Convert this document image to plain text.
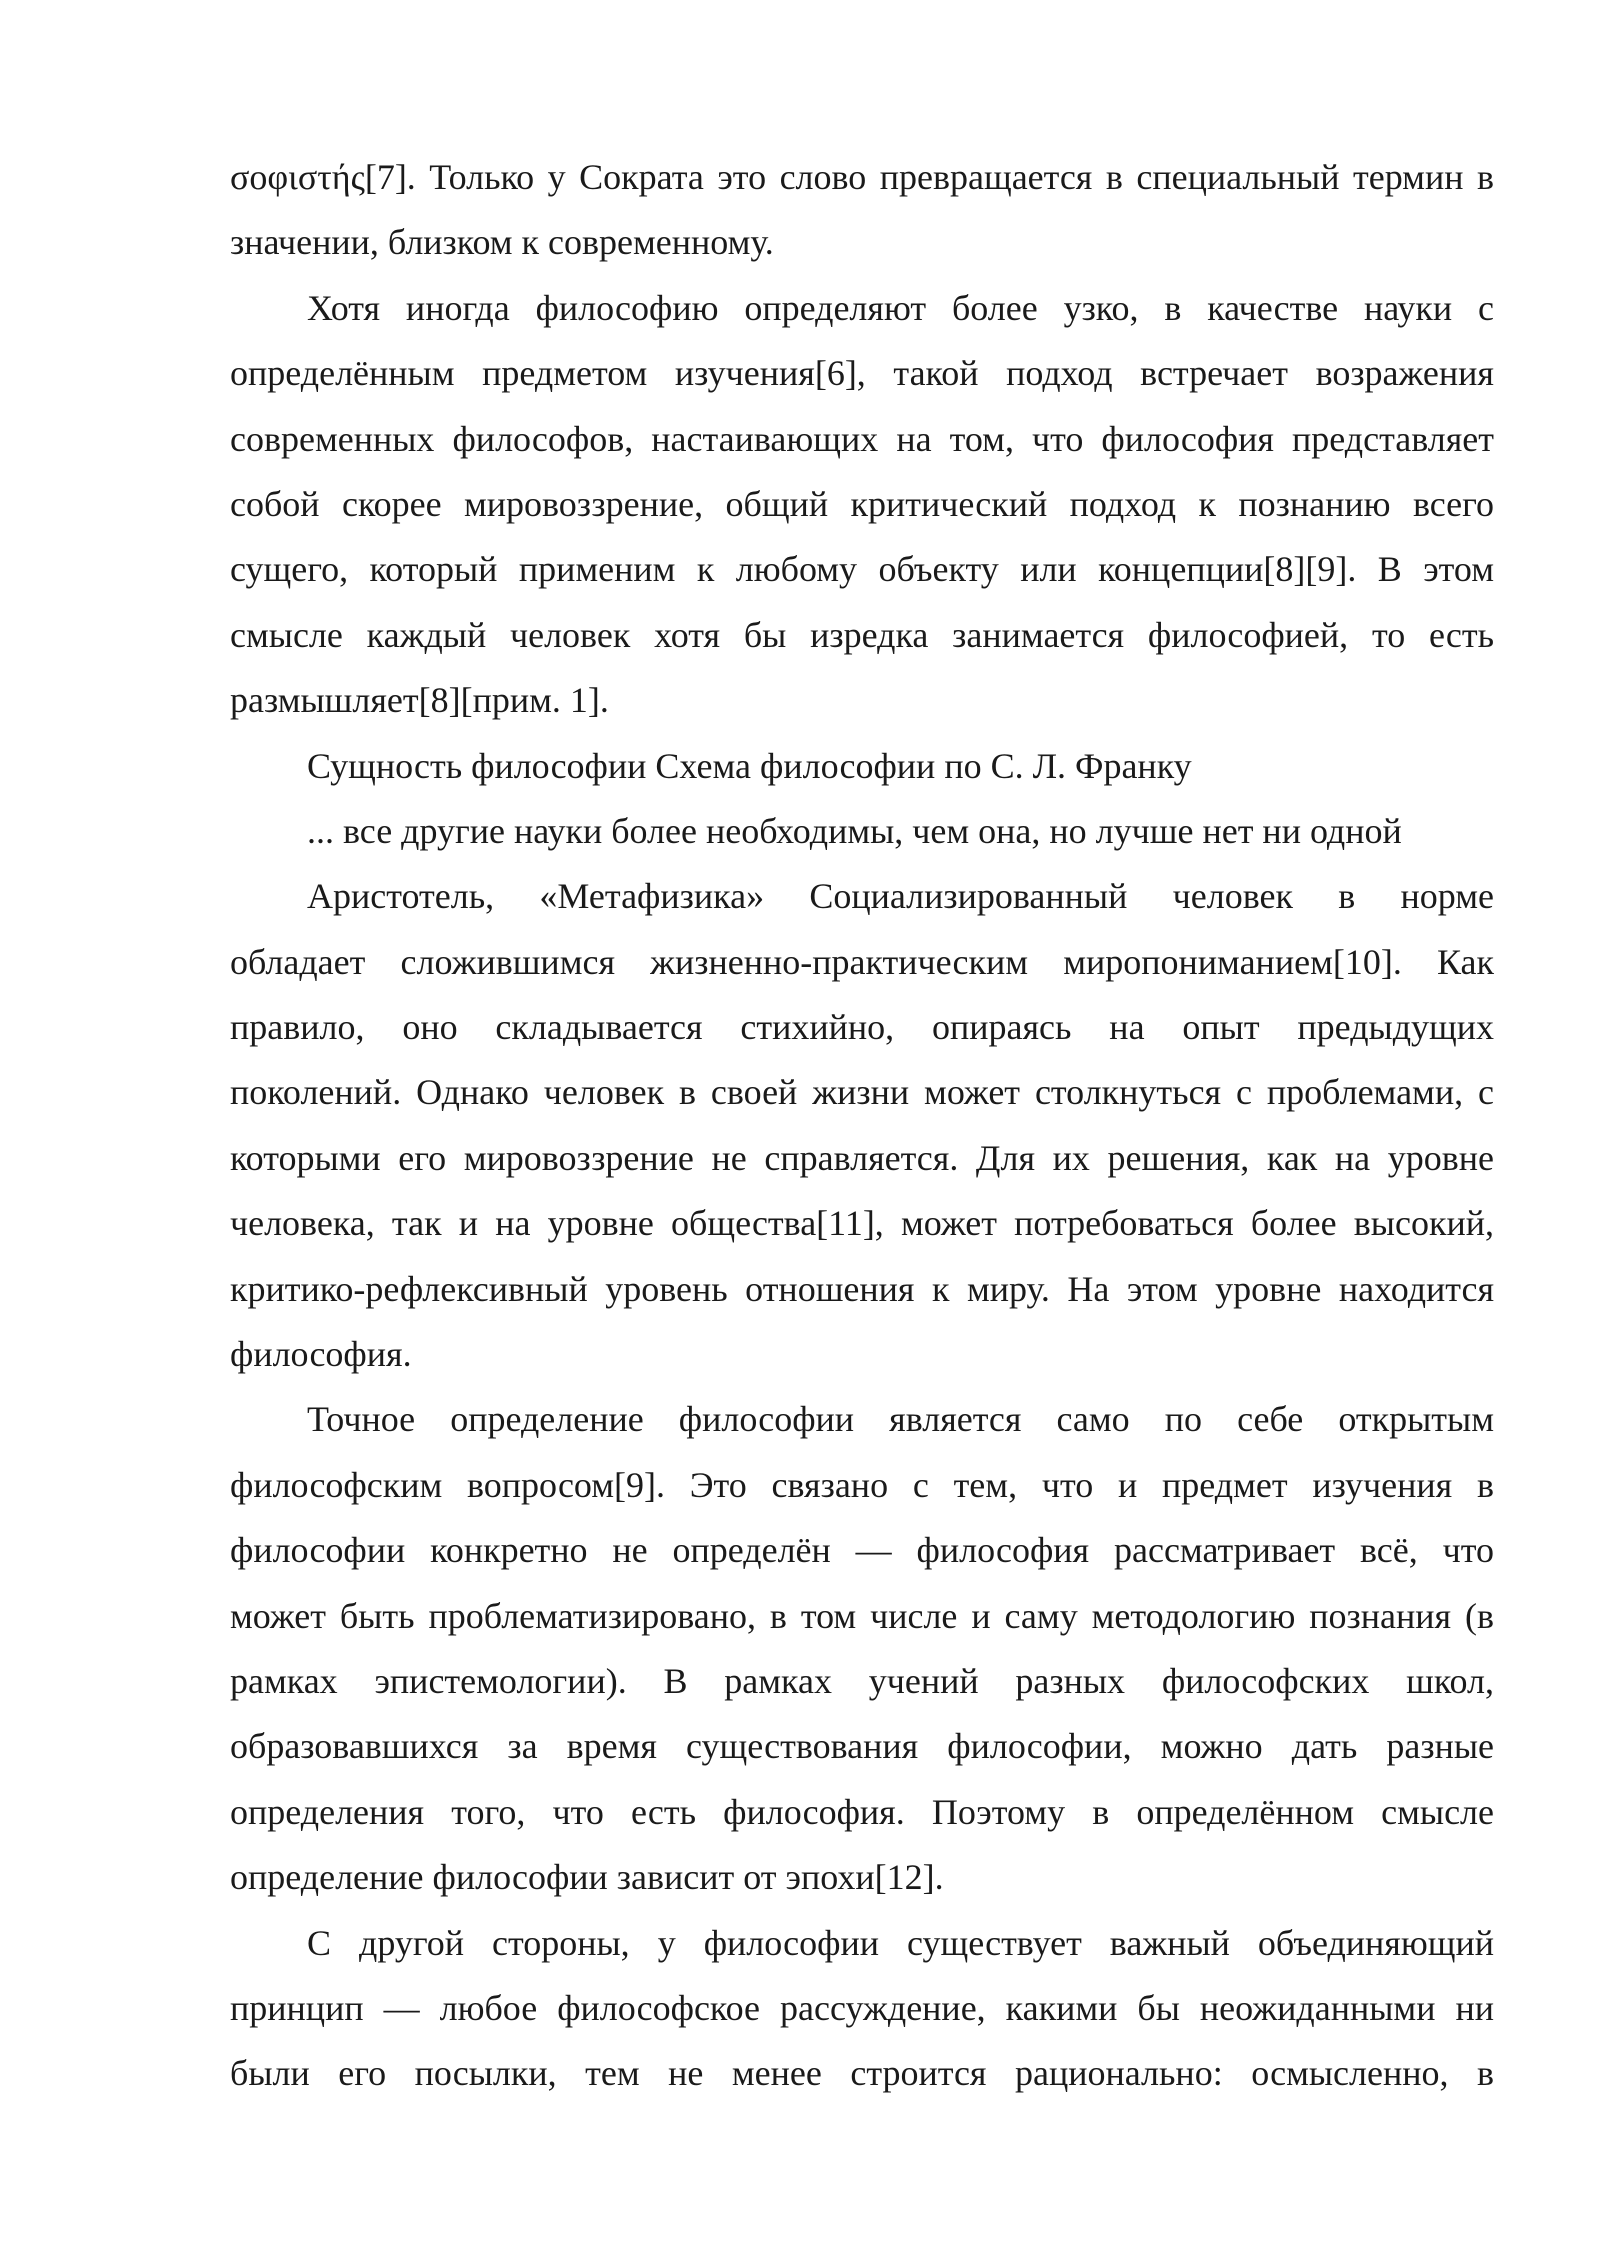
σοφιστής[7]. Только у Сократа это слово превращается в специальный термин в
значении, близком к современному.
Хотя иногда философию определяют более узко, в качестве науки с
определённым предметом изучения[6], такой подход встречает возражения
современных философов, настаивающих на том, что философия представляет
собой скорее мировоззрение, общий критический подход к познанию всего
сущего, который применим к любому объекту или концепции[8][9]. В этом
смысле каждый человек хотя бы изредка занимается философией, то есть
размышляет[8][прим. 1].
Сущность философии Схема философии по С. Л. Франку
... все другие науки более необходимы, чем она, но лучше нет ни одной
Аристотель, «Метафизика» Социализированный человек в норме
обладает сложившимся жизненно-практическим миропониманием[10]. Как
правило, оно складывается стихийно, опираясь на опыт предыдущих
поколений. Однако человек в своей жизни может столкнуться с проблемами, с
которыми его мировоззрение не справляется. Для их решения, как на уровне
человека, так и на уровне общества[11], может потребоваться более высокий,
критико-рефлексивный уровень отношения к миру. На этом уровне находится
философия.
Точное определение философии является само по себе открытым
философским вопросом[9]. Это связано с тем, что и предмет изучения в
философии конкретно не определён — философия рассматривает всё, что
может быть проблематизировано, в том числе и саму методологию познания (в
рамках эпистемологии). В рамках учений разных философских школ,
образовавшихся за время существования философии, можно дать разные
определения того, что есть философия. Поэтому в определённом смысле
определение философии зависит от эпохи[12].
С другой стороны, у философии существует важный объединяющий
принцип — любое философское рассуждение, какими бы неожиданными ни
были его посылки, тем не менее строится рационально: осмысленно, в
